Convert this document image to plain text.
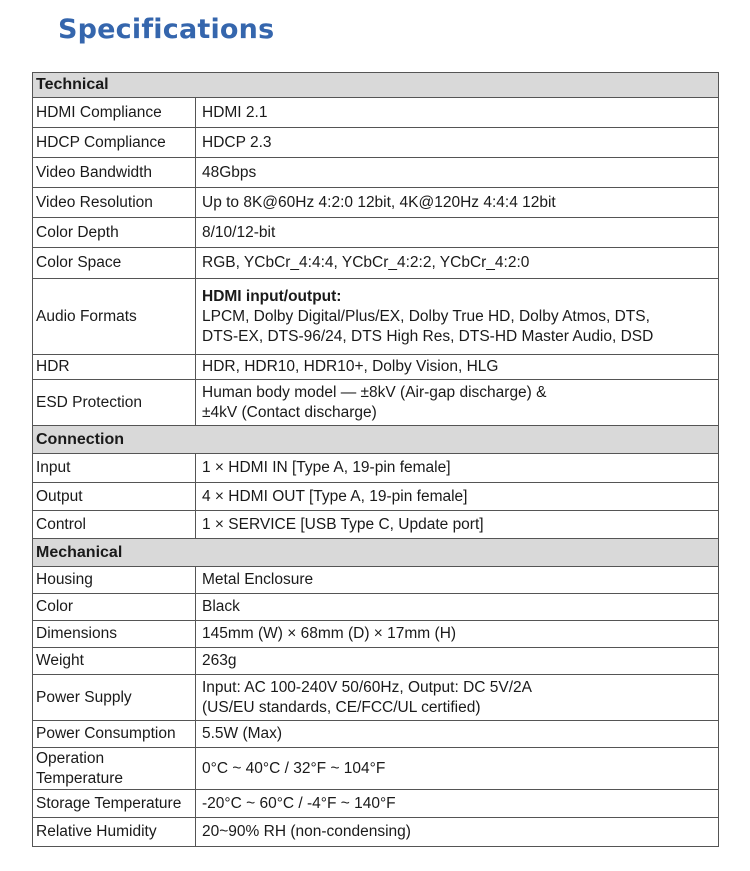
Specifications
Technical	
HDMI Compliance	HDMI 2.1
HDCP Compliance	HDCP 2.3
Video Bandwidth	48Gbps
Video Resolution	Up to 8K@60Hz 4:2:0 12bit, 4K@120Hz 4:4:4 12bit
Color Depth	8/10/12-bit
Color Space	RGB, YCbCr_4:4:4, YCbCr_4:2:2, YCbCr_4:2:0
Audio Formats	HDMI input/output:
LPCM, Dolby Digital/Plus/EX, Dolby True HD, Dolby Atmos, DTS,
DTS-EX, DTS-96/24, DTS High Res, DTS-HD Master Audio, DSD

HDR	HDR, HDR10, HDR10+, Dolby Vision, HLG
ESD Protection	Human body model — ±8kV (Air-gap discharge) &
±4kV (Contact discharge)

Connection	
Input	1 × HDMI IN [Type A, 19-pin female]
Output	4 × HDMI OUT [Type A, 19-pin female]
Control	1 × SERVICE [USB Type C, Update port]
Mechanical	
Housing	Metal Enclosure
Color	Black
Dimensions	145mm (W) × 68mm (D) × 17mm (H)
Weight	263g
Power Supply	Input: AC 100-240V 50/60Hz, Output: DC 5V/2A
(US/EU standards, CE/FCC/UL certified)

Power Consumption	5.5W (Max)

Operation
Temperature	0°C ~ 40°C / 32°F ~ 104°F
Storage Temperature	-20°C ~ 60°C / -4°F ~ 140°F
Relative Humidity	20~90% RH (non-condensing)
